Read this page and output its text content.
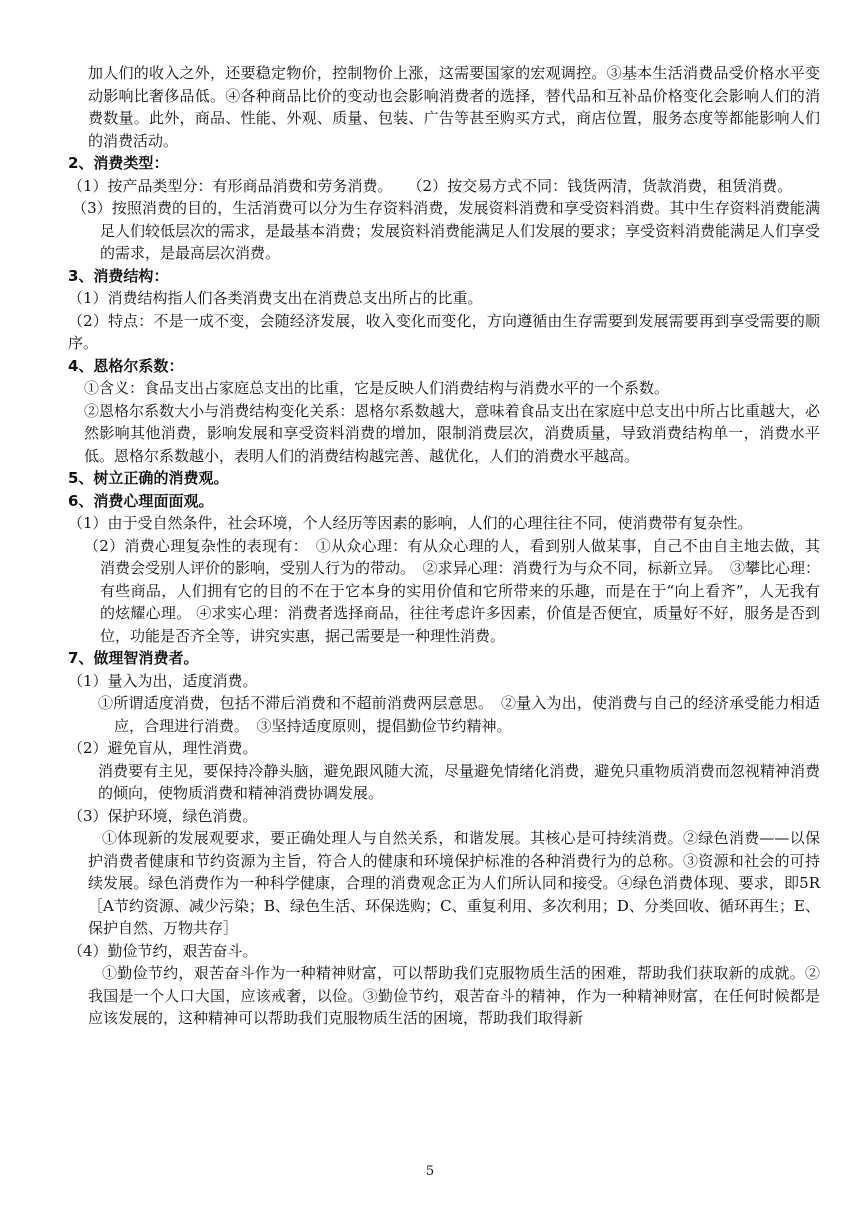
加人们的收入之外，还要稳定物价，控制物价上涨，这需要国家的宏观调控。③基本生活消费品受价格水平变动影响比奢侈品低。④各种商品比价的变动也会影响消费者的选择，替代品和互补品价格变化会影响人们的消费数量。此外，商品、性能、外观、质量、包装、广告等甚至购买方式，商店位置，服务态度等都能影响人们的消费活动。

2、消费类型：

（1）按产品类型分：有形商品消费和劳务消费。　　（2）按交易方式不同：钱货两清，货款消费，租赁消费。

（3）按照消费的目的，生活消费可以分为生存资料消费，发展资料消费和享受资料消费。其中生存资料消费能满足人们较低层次的需求，是最基本消费；发展资料消费能满足人们发展的要求；享受资料消费能满足人们享受的需求，是最高层次消费。

3、消费结构：

（1）消费结构指人们各类消费支出在消费总支出所占的比重。

（2）特点：不是一成不变，会随经济发展，收入变化而变化，方向遵循由生存需要到发展需要再到享受需要的顺序。

4、恩格尔系数：

①含义：食品支出占家庭总支出的比重，它是反映人们消费结构与消费水平的一个系数。

②恩格尔系数大小与消费结构变化关系：恩格尔系数越大，意味着食品支出在家庭中总支出中所占比重越大，必然影响其他消费，影响发展和享受资料消费的增加，限制消费层次，消费质量，导致消费结构单一，消费水平低。恩格尔系数越小，表明人们的消费结构越完善、越优化，人们的消费水平越高。

5、树立正确的消费观。

6、消费心理面面观。

（1）由于受自然条件，社会环境，个人经历等因素的影响，人们的心理往往不同，使消费带有复杂性。

（2）消费心理复杂性的表现有：　①从众心理：有从众心理的人，看到别人做某事，自己不由自主地去做，其消费会受别人评价的影响，受别人行为的带动。　②求异心理：消费行为与众不同，标新立异。　③攀比心理：有些商品，人们拥有它的目的不在于它本身的实用价值和它所带来的乐趣，而是在于“向上看齐”，人无我有的炫耀心理。 ④求实心理：消费者选择商品，往往考虑许多因素，价值是否便宜，质量好不好，服务是否到位，功能是否齐全等，讲究实惠，据己需要是一种理性消费。

7、做理智消费者。

（1）量入为出，适度消费。

①所谓适度消费，包括不滞后消费和不超前消费两层意思。　②量入为出，使消费与自己的经济承受能力相适应，合理进行消费。　③坚持适度原则，提倡勤俭节约精神。

（2）避免盲从，理性消费。

消费要有主见，要保持冷静头脑，避免跟风随大流，尽量避免情绪化消费，避免只重物质消费而忽视精神消费的倾向，使物质消费和精神消费协调发展。

（3）保护环境，绿色消费。

①体现新的发展观要求，要正确处理人与自然关系，和谐发展。其核心是可持续消费。②绿色消费——以保护消费者健康和节约资源为主旨，符合人的健康和环境保护标准的各种消费行为的总称。③资源和社会的可持续发展。绿色消费作为一种科学健康，合理的消费观念正为人们所认同和接受。④绿色消费体现、要求，即5R［A节约资源、减少污染；B、绿色生活、环保选购；C、重复利用、多次利用；D、分类回收、循环再生；E、保护自然、万物共存］

（4）勤俭节约，艰苦奋斗。

①勤俭节约，艰苦奋斗作为一种精神财富，可以帮助我们克服物质生活的困难，帮助我们获取新的成就。②我国是一个人口大国，应该戒奢，以俭。③勤俭节约，艰苦奋斗的精神，作为一种精神财富，在任何时候都是应该发展的，这种精神可以帮助我们克服物质生活的困境，帮助我们取得新

5
